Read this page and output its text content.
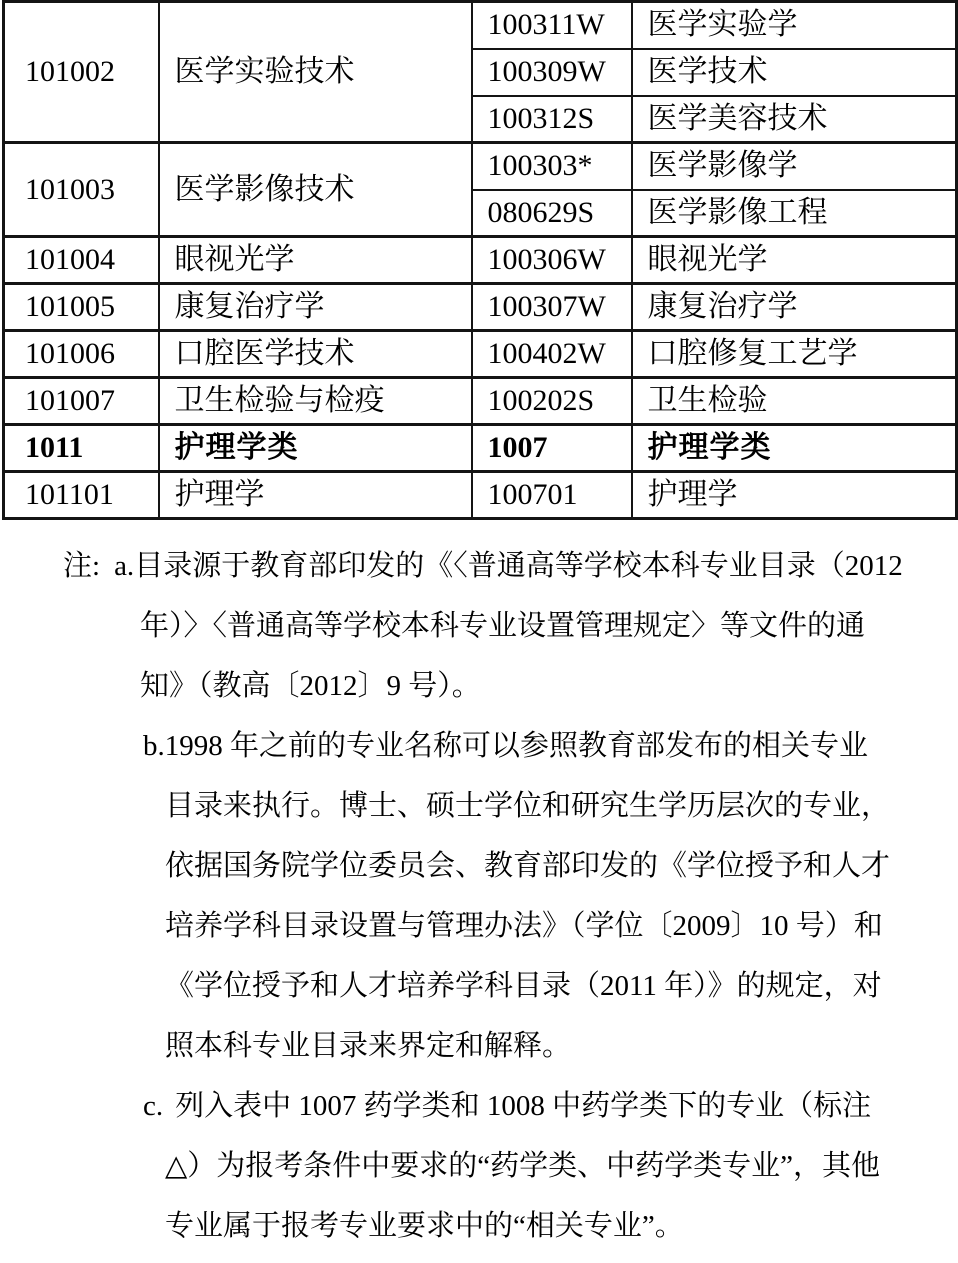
101002	医学实验技术	100311W	医学实验学
		100309W	医学技术
		100312S	医学美容技术
101003	医学影像技术	100303*	医学影像学
		080629S	医学影像工程
101004	眼视光学	100306W	眼视光学
101005	康复治疗学	100307W	康复治疗学
101006	口腔医学技术	100402W	口腔修复工艺学
101007	卫生检验与检疫	100202S	卫生检验
1011	护理学类	1007	护理学类
101101	护理学	100701	护理学
注: a.目录源于教育部印发的《〈普通高等学校本科专业目录（2012
年）〉〈普通高等学校本科专业设置管理规定〉等文件的通
知》（教高〔2012〕9 号）。
b.1998 年之前的专业名称可以参照教育部发布的相关专业
目录来执行。博士、硕士学位和研究生学历层次的专业，
依据国务院学位委员会、教育部印发的《学位授予和人才
培养学科目录设置与管理办法》（学位〔2009〕10 号）和
《学位授予和人才培养学科目录（2011 年）》的规定，对
照本科专业目录来界定和解释。
c. 列入表中 1007 药学类和 1008 中药学类下的专业（标注
△）为报考条件中要求的“药学类、中药学类专业”，其他
专业属于报考专业要求中的“相关专业”。
